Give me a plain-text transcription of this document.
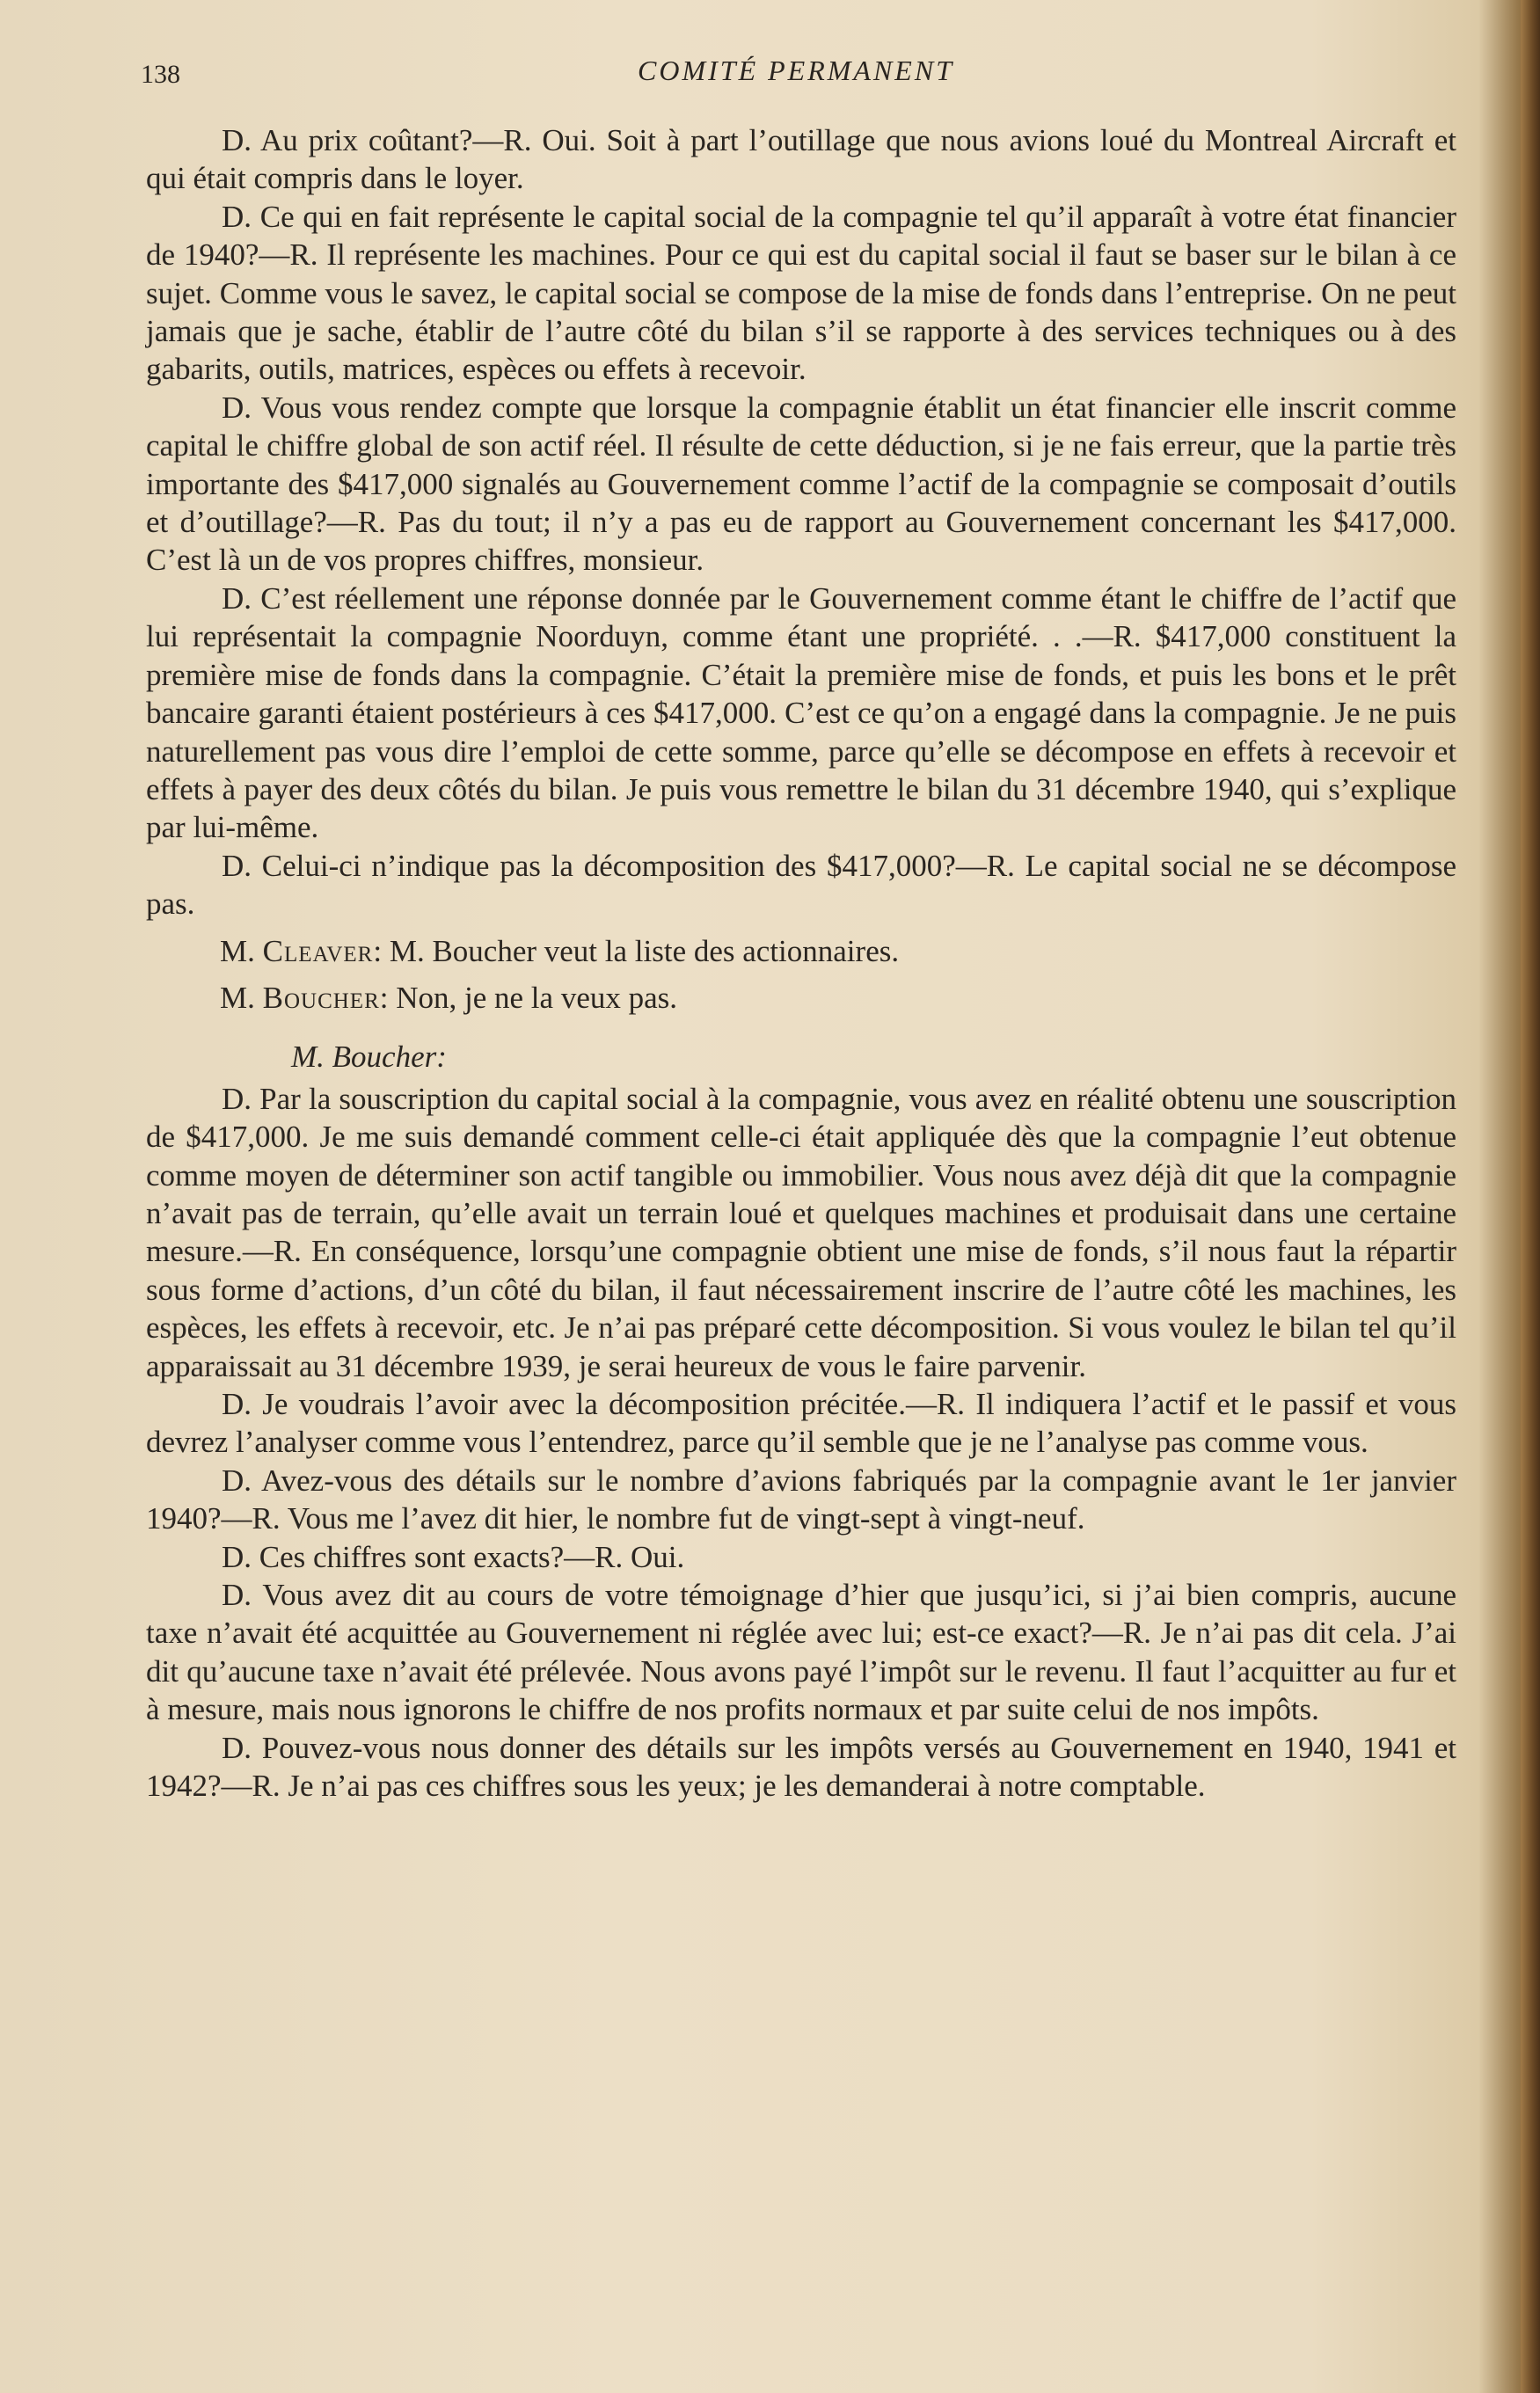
138	COMITÉ PERMANENT

D. Au prix coûtant?—R. Oui. Soit à part l’outillage que nous avions loué du Montreal Aircraft et qui était compris dans le loyer.

D. Ce qui en fait représente le capital social de la compagnie tel qu’il apparaît à votre état financier de 1940?—R. Il représente les machines. Pour ce qui est du capital social il faut se baser sur le bilan à ce sujet. Comme vous le savez, le capital social se compose de la mise de fonds dans l’entreprise. On ne peut jamais que je sache, établir de l’autre côté du bilan s’il se rapporte à des services techniques ou à des gabarits, outils, matrices, espèces ou effets à recevoir.

D. Vous vous rendez compte que lorsque la compagnie établit un état financier elle inscrit comme capital le chiffre global de son actif réel. Il résulte de cette déduction, si je ne fais erreur, que la partie très importante des $417,000 signalés au Gouvernement comme l’actif de la compagnie se composait d’outils et d’outillage?—R. Pas du tout; il n’y a pas eu de rapport au Gouvernement concernant les $417,000. C’est là un de vos propres chiffres, monsieur.

D. C’est réellement une réponse donnée par le Gouvernement comme étant le chiffre de l’actif que lui représentait la compagnie Noorduyn, comme étant une propriété. . .—R. $417,000 constituent la première mise de fonds dans la compagnie. C’était la première mise de fonds, et puis les bons et le prêt bancaire garanti étaient postérieurs à ces $417,000. C’est ce qu’on a engagé dans la compagnie. Je ne puis naturellement pas vous dire l’emploi de cette somme, parce qu’elle se décompose en effets à recevoir et effets à payer des deux côtés du bilan. Je puis vous remettre le bilan du 31 décembre 1940, qui s’explique par lui-même.

D. Celui-ci n’indique pas la décomposition des $417,000?—R. Le capital social ne se décompose pas.

M. Cleaver: M. Boucher veut la liste des actionnaires.

M. Boucher: Non, je ne la veux pas.

M. Boucher:

D. Par la souscription du capital social à la compagnie, vous avez en réalité obtenu une souscription de $417,000. Je me suis demandé comment celle-ci était appliquée dès que la compagnie l’eut obtenue comme moyen de déterminer son actif tangible ou immobilier. Vous nous avez déjà dit que la compagnie n’avait pas de terrain, qu’elle avait un terrain loué et quelques machines et produisait dans une certaine mesure.—R. En conséquence, lorsqu’une compagnie obtient une mise de fonds, s’il nous faut la répartir sous forme d’actions, d’un côté du bilan, il faut nécessairement inscrire de l’autre côté les machines, les espèces, les effets à recevoir, etc. Je n’ai pas préparé cette décomposition. Si vous voulez le bilan tel qu’il apparaissait au 31 décembre 1939, je serai heureux de vous le faire parvenir.

D. Je voudrais l’avoir avec la décomposition précitée.—R. Il indiquera l’actif et le passif et vous devrez l’analyser comme vous l’entendrez, parce qu’il semble que je ne l’analyse pas comme vous.

D. Avez-vous des détails sur le nombre d’avions fabriqués par la compagnie avant le 1er janvier 1940?—R. Vous me l’avez dit hier, le nombre fut de vingt-sept à vingt-neuf.

D. Ces chiffres sont exacts?—R. Oui.

D. Vous avez dit au cours de votre témoignage d’hier que jusqu’ici, si j’ai bien compris, aucune taxe n’avait été acquittée au Gouvernement ni réglée avec lui; est-ce exact?—R. Je n’ai pas dit cela. J’ai dit qu’aucune taxe n’avait été prélevée. Nous avons payé l’impôt sur le revenu. Il faut l’acquitter au fur et à mesure, mais nous ignorons le chiffre de nos profits normaux et par suite celui de nos impôts.

D. Pouvez-vous nous donner des détails sur les impôts versés au Gouvernement en 1940, 1941 et 1942?—R. Je n’ai pas ces chiffres sous les yeux; je les demanderai à notre comptable.
